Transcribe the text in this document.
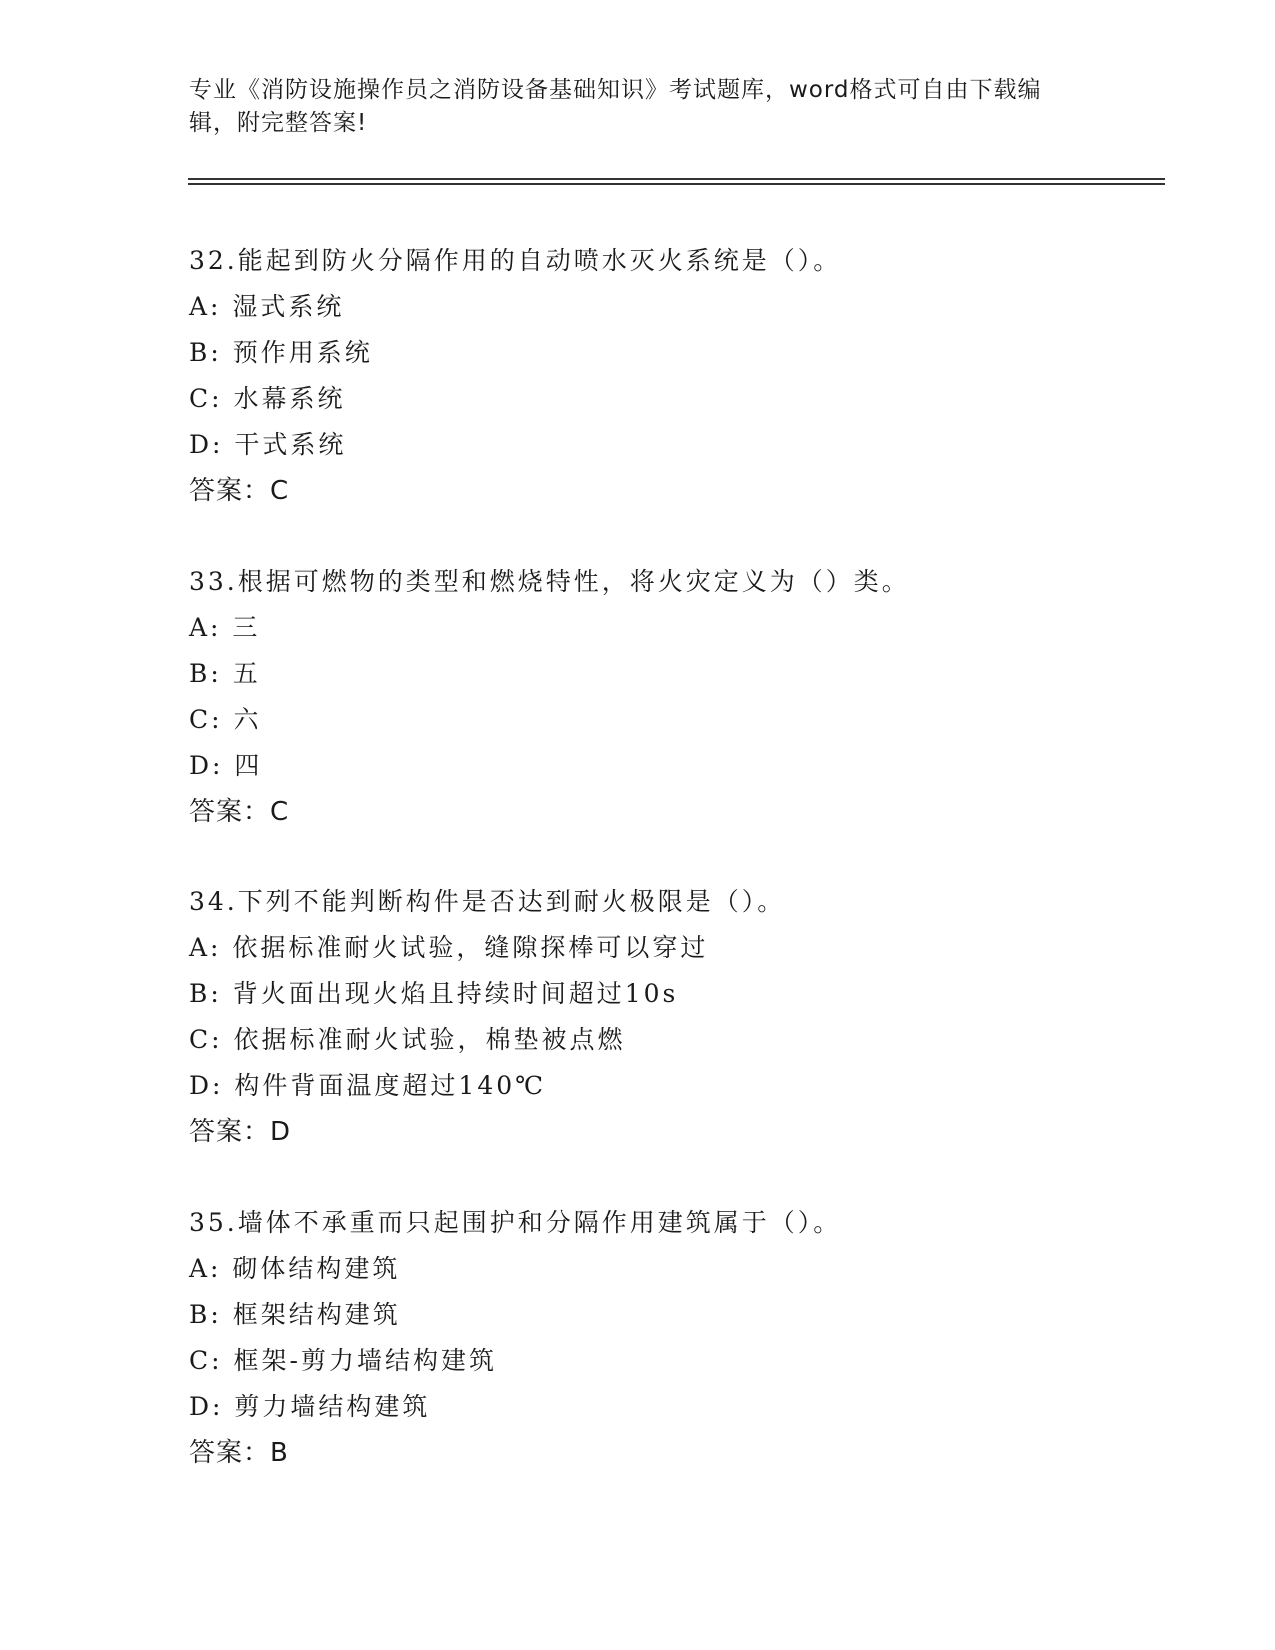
专业《消防设施操作员之消防设备基础知识》考试题库，word格式可自由下载编辑，附完整答案!
32.能起到防火分隔作用的自动喷水灭火系统是（）。
A: 湿式系统
B: 预作用系统
C: 水幕系统
D: 干式系统
答案：C
33.根据可燃物的类型和燃烧特性，将火灾定义为（）类。
A: 三
B: 五
C: 六
D: 四
答案：C
34.下列不能判断构件是否达到耐火极限是（）。
A: 依据标准耐火试验，缝隙探棒可以穿过
B: 背火面出现火焰且持续时间超过10s
C: 依据标准耐火试验，棉垫被点燃
D: 构件背面温度超过140℃
答案：D
35.墙体不承重而只起围护和分隔作用建筑属于（）。
A: 砌体结构建筑
B: 框架结构建筑
C: 框架-剪力墙结构建筑
D: 剪力墙结构建筑
答案：B
